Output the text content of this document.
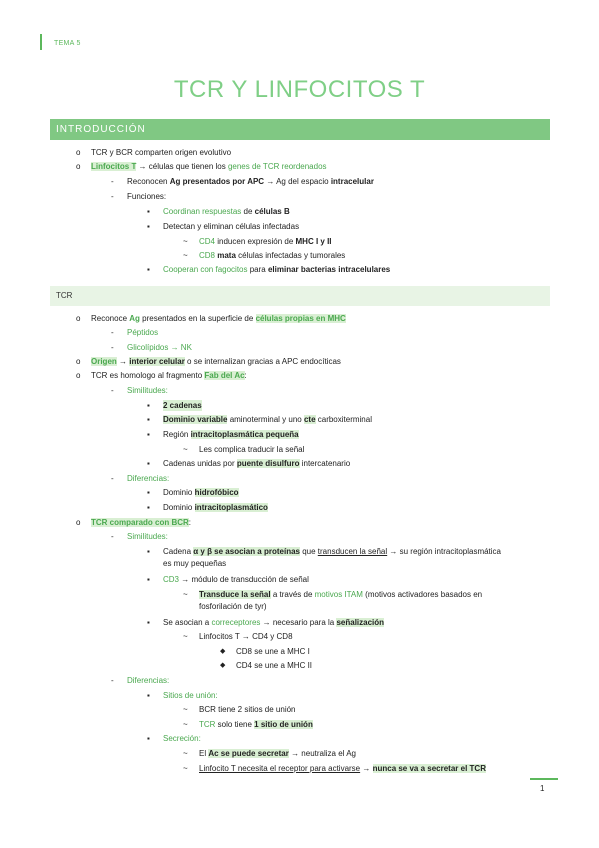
TEMA 5
TCR Y LINFOCITOS T
INTRODUCCIÓN
o TCR y BCR comparten origen evolutivo
o Linfocitos T → células que tienen los genes de TCR reordenados
- Reconocen Ag presentados por APC → Ag del espacio intracelular
- Funciones:
▪ Coordinan respuestas de células B
▪ Detectan y eliminan células infectadas
~ CD4 inducen expresión de MHC I y II
~ CD8 mata células infectadas y tumorales
▪ Cooperan con fagocitos para eliminar bacterias intracelulares
TCR
o Reconoce Ag presentados en la superficie de células propias en MHC
- Péptidos
- Glicolípidos → NK
o Origen → interior celular o se internalizan gracias a APC endocíticas
o TCR es homologo al fragmento Fab del Ac:
- Similitudes:
▪ 2 cadenas
▪ Dominio variable aminoterminal y uno cte carboxiterminal
▪ Región intracitoplasmática pequeña
~ Les complica traducir la señal
▪ Cadenas unidas por puente disulfuro intercatenario
- Diferencias:
▪ Dominio hidrofóbico
▪ Dominio intracitoplasmático
o TCR comparado con BCR:
- Similitudes:
▪ Cadena α y β se asocian a proteínas que transducen la señal → su región intracitoplasmática
es muy pequeñas
▪ CD3 → módulo de transducción de señal
~ Transduce la señal a través de motivos ITAM (motivos activadores basados en
fosforilación de tyr)
▪ Se asocian a correceptores → necesario para la señalización
~ Linfocitos T → CD4 y CD8
◆ CD8 se une a MHC I
◆ CD4 se une a MHC II
- Diferencias:
▪ Sitios de unión:
~ BCR tiene 2 sitios de unión
~ TCR solo tiene 1 sitio de unión
▪ Secreción:
~ El Ac se puede secretar → neutraliza el Ag
~ Linfocito T necesita el receptor para activarse → nunca se va a secretar el TCR
1
